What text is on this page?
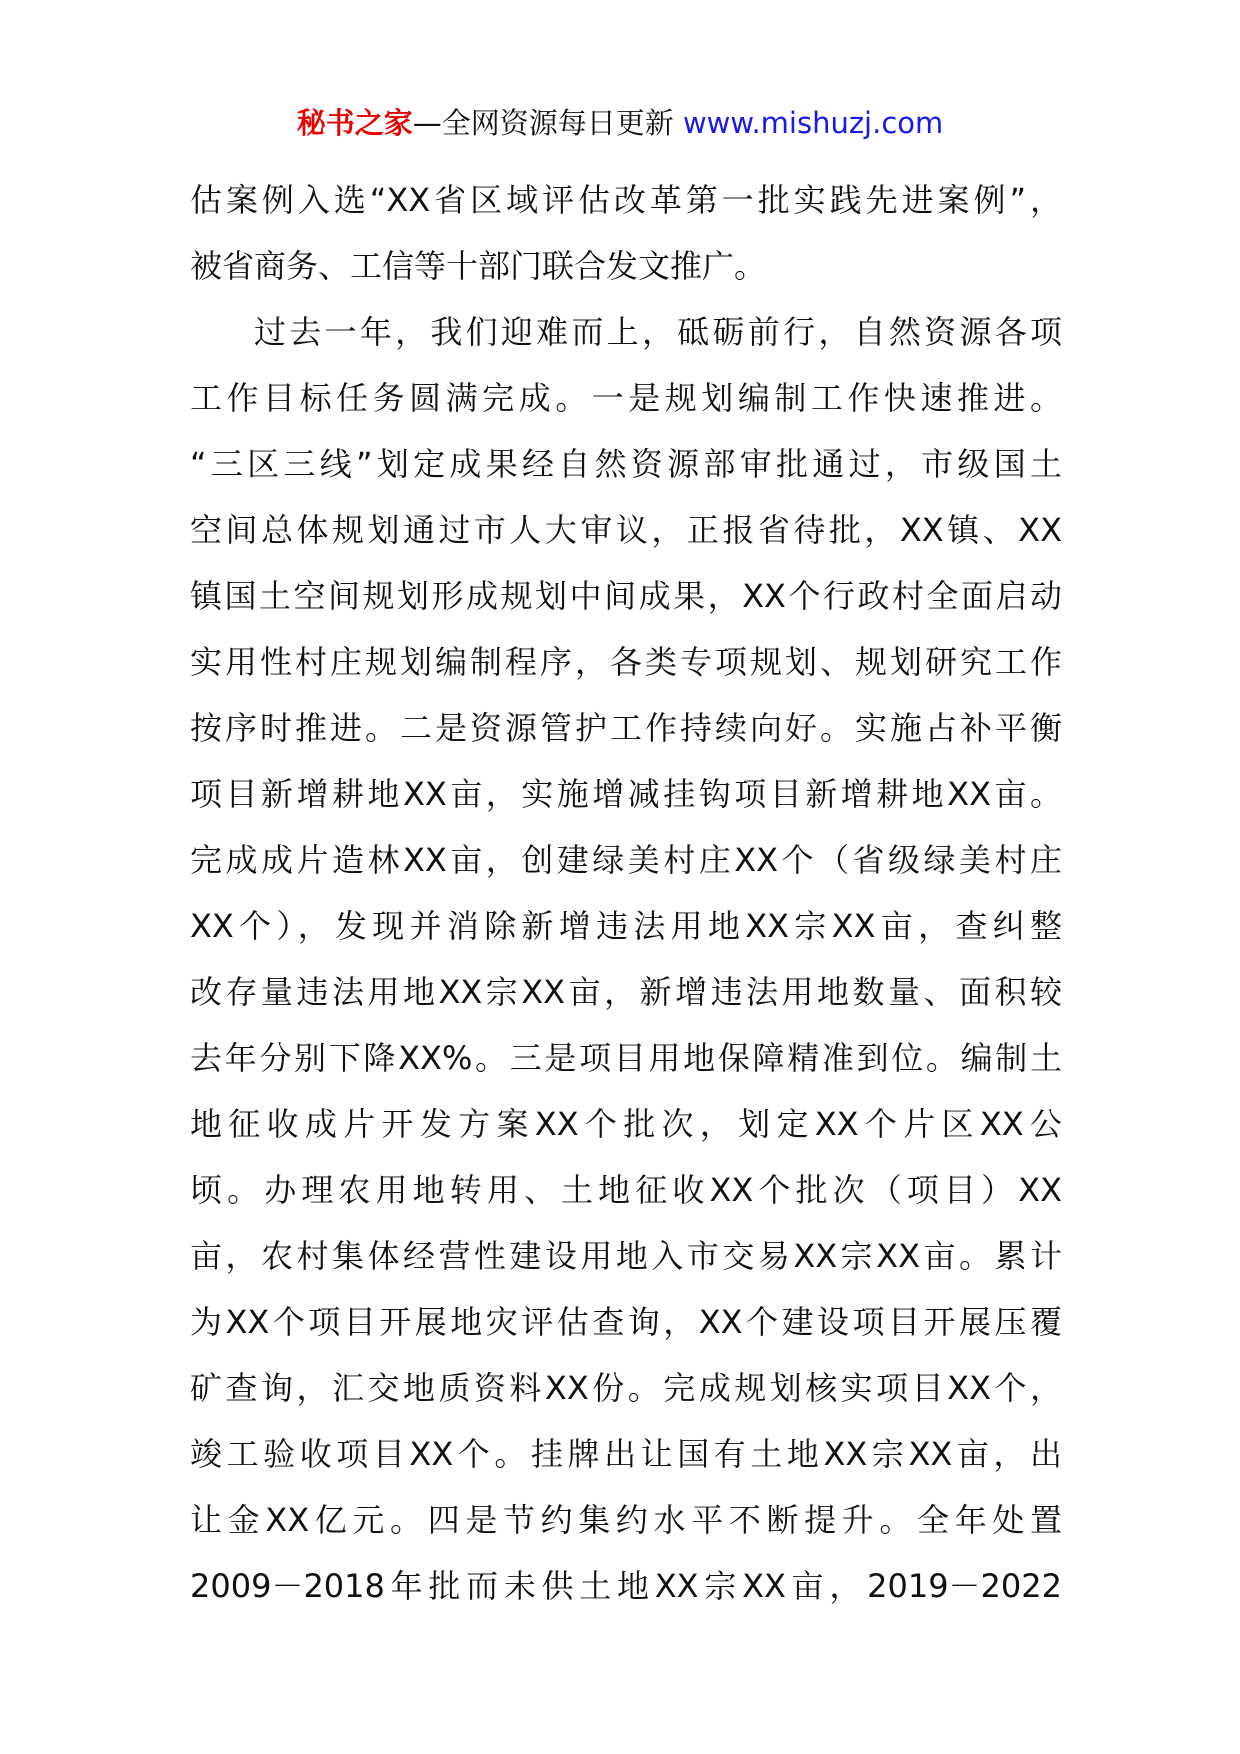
秘书之家—全网资源每日更新 www.mishuzj.com
估案例入选“XX省区域评估改革第一批实践先进案例”，
被省商务、工信等十部门联合发文推广。
过去一年，我们迎难而上，砥砺前行，自然资源各项
工作目标任务圆满完成。一是规划编制工作快速推进。
“三区三线”划定成果经自然资源部审批通过，市级国土
空间总体规划通过市人大审议，正报省待批，XX镇、XX
镇国土空间规划形成规划中间成果，XX个行政村全面启动
实用性村庄规划编制程序，各类专项规划、规划研究工作
按序时推进。二是资源管护工作持续向好。实施占补平衡
项目新增耕地XX亩，实施增减挂钩项目新增耕地XX亩。
完成成片造林XX亩，创建绿美村庄XX个（省级绿美村庄
XX个），发现并消除新增违法用地XX宗XX亩，查纠整
改存量违法用地XX宗XX亩，新增违法用地数量、面积较
去年分别下降XX%。三是项目用地保障精准到位。编制土
地征收成片开发方案XX个批次，划定XX个片区XX公
顷。办理农用地转用、土地征收XX个批次（项目）XX
亩，农村集体经营性建设用地入市交易XX宗XX亩。累计
为XX个项目开展地灾评估查询，XX个建设项目开展压覆
矿查询，汇交地质资料XX份。完成规划核实项目XX个，
竣工验收项目XX个。挂牌出让国有土地XX宗XX亩，出
让金XX亿元。四是节约集约水平不断提升。全年处置
2009－2018年批而未供土地XX宗XX亩，2019－2022
